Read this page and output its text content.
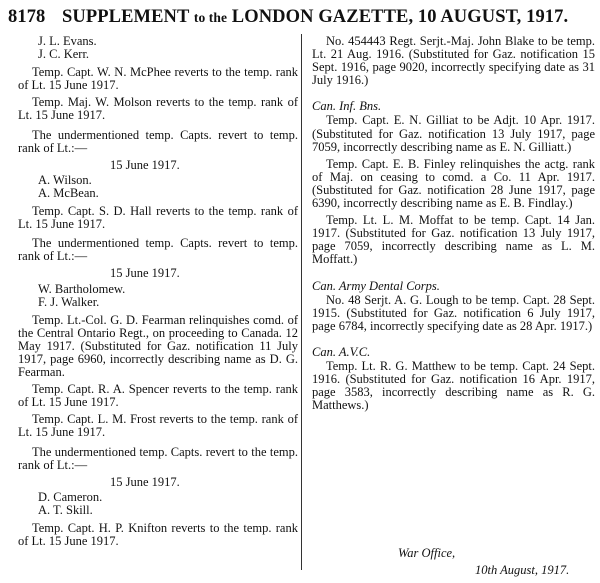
8178 SUPPLEMENT to the LONDON GAZETTE, 10 AUGUST, 1917.
J. L. Evans.
J. C. Kerr.
Temp. Capt. W. N. McPhee reverts to the temp. rank of Lt. 15 June 1917.
Temp. Maj. W. Molson reverts to the temp. rank of Lt. 15 June 1917.
The undermentioned temp. Capts. revert to temp. rank of Lt.:—
15 June 1917.
A. Wilson.
A. McBean.
Temp. Capt. S. D. Hall reverts to the temp. rank of Lt. 15 June 1917.
The undermentioned temp. Capts. revert to temp. rank of Lt.:—
15 June 1917.
W. Bartholomew.
F. J. Walker.
Temp. Lt.-Col. G. D. Fearman relinquishes comd. of the Central Ontario Regt., on proceeding to Canada. 12 May 1917. (Substituted for Gaz. notification 11 July 1917, page 6960, incorrectly describing name as D. G. Fearman.
Temp. Capt. R. A. Spencer reverts to the temp. rank of Lt. 15 June 1917.
Temp. Capt. L. M. Frost reverts to the temp. rank of Lt. 15 June 1917.
The undermentioned temp. Capts. revert to the temp. rank of Lt.:—
15 June 1917.
D. Cameron.
A. T. Skill.
Temp. Capt. H. P. Knifton reverts to the temp. rank of Lt. 15 June 1917.
No. 454443 Regt. Serjt.-Maj. John Blake to be temp. Lt. 21 Aug. 1916. (Substituted for Gaz. notification 15 Sept. 1916, page 9020, incorrectly specifying date as 31 July 1916.)
Can. Inf. Bns.
Temp. Capt. E. N. Gilliat to be Adjt. 10 Apr. 1917. (Substituted for Gaz. notification 13 July 1917, page 7059, incorrectly describing name as E. N. Gilliatt.)
Temp. Capt. E. B. Finley relinquishes the actg. rank of Maj. on ceasing to comd. a Co. 11 Apr. 1917. (Substituted for Gaz. notification 28 June 1917, page 6390, incorrectly describing name as E. B. Findlay.)
Temp. Lt. L. M. Moffat to be temp. Capt. 14 Jan. 1917. (Substituted for Gaz. notification 13 July 1917, page 7059, incorrectly describing name as L. M. Moffatt.)
Can. Army Dental Corps.
No. 48 Serjt. A. G. Lough to be temp. Capt. 28 Sept. 1915. (Substituted for Gaz. notification 6 July 1917, page 6784, incorrectly specifying date as 28 Apr. 1917.)
Can. A.V.C.
Temp. Lt. R. G. Matthew to be temp. Capt. 24 Sept. 1916. (Substituted for Gaz. notification 16 Apr. 1917, page 3583, incorrectly describing name as R. G. Matthews.)
War Office,
10th August, 1917.
